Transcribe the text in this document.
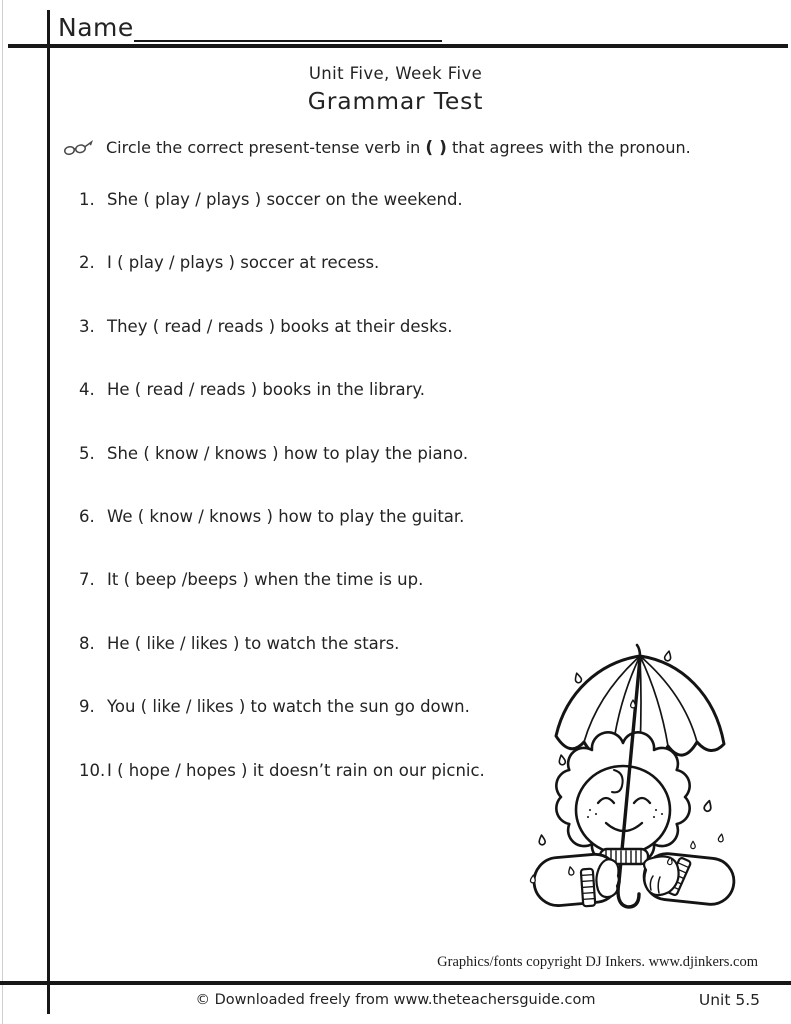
Name
Unit Five, Week Five
Grammar Test
Circle the correct present-tense verb in ( ) that agrees with the pronoun.
1. She ( play / plays ) soccer on the weekend.
2. I ( play / plays ) soccer at recess.
3. They ( read / reads ) books at their desks.
4. He ( read / reads ) books in the library.
5. She ( know / knows ) how to play the piano.
6. We ( know / knows ) how to play the guitar.
7. It ( beep /beeps ) when the time is up.
8. He ( like / likes ) to watch the stars.
9. You ( like / likes ) to watch the sun go down.
10. I ( hope / hopes ) it doesn’t rain on our picnic.
Graphics/fonts copyright DJ Inkers. www.djinkers.com
© Downloaded freely from www.theteachersguide.com	Unit 5.5
